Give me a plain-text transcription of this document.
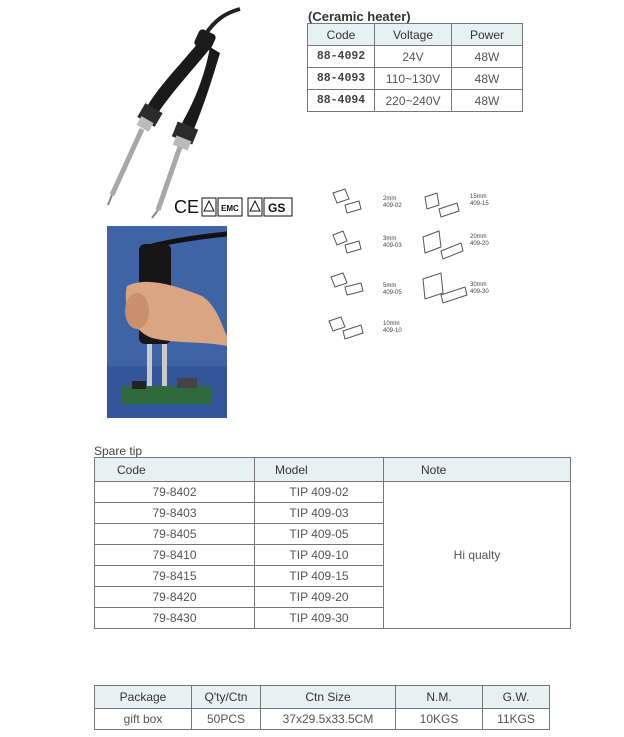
CE	EMC GS
2mm
409-02
3mm
409-03
5mm
409-05
10mm
409-10
15mm
409-15
20mm
409-20
30mm
409-30
(Ceramic heater)
Code	Voltage	Power
88-4092	24V	48W
88-4093	110~130V	48W
88-4094	220~240V	48W
Spare tip
Code	Model	Note
79-8402	TIP 409-02	Hi qualty
79-8403	TIP 409-03	
79-8405	TIP 409-05	
79-8410	TIP 409-10	
79-8415	TIP 409-15	
79-8420	TIP 409-20	
79-8430	TIP 409-30	
Package	Q'ty/Ctn	Ctn Size	N.M.	G.W.
gift box	50PCS	37x29.5x33.5CM	10KGS	11KGS
